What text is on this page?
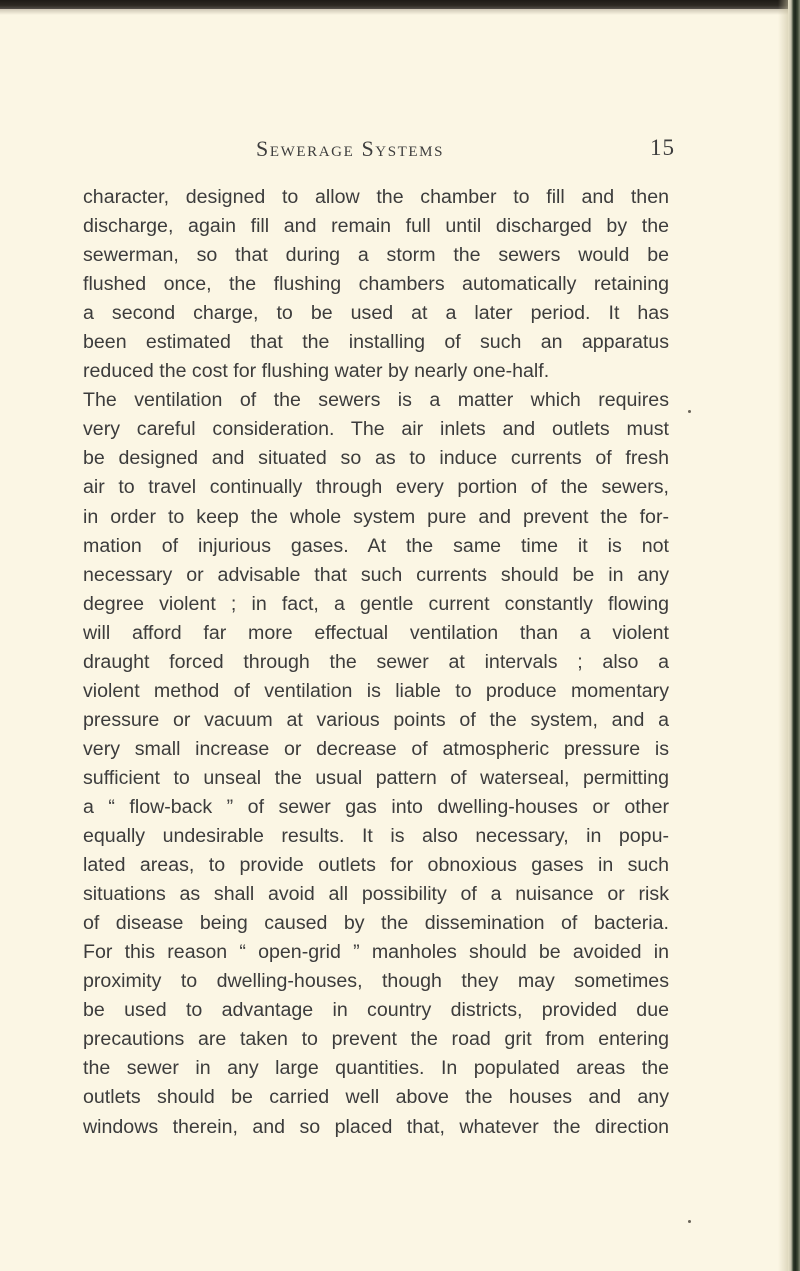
Sewerage Systems	15
character, designed to allow the chamber to fill and then
discharge, again fill and remain full until discharged by the
sewerman, so that during a storm the sewers would be
flushed once, the flushing chambers automatically retaining
a second charge, to be used at a later period. It has
been estimated that the installing of such an apparatus
reduced the cost for flushing water by nearly one-half.
The ventilation of the sewers is a matter which requires
very careful consideration. The air inlets and outlets must
be designed and situated so as to induce currents of fresh
air to travel continually through every portion of the sewers,
in order to keep the whole system pure and prevent the for-
mation of injurious gases. At the same time it is not
necessary or advisable that such currents should be in any
degree violent ; in fact, a gentle current constantly flowing
will afford far more effectual ventilation than a violent
draught forced through the sewer at intervals ; also a
violent method of ventilation is liable to produce momentary
pressure or vacuum at various points of the system, and a
very small increase or decrease of atmospheric pressure is
sufficient to unseal the usual pattern of waterseal, permitting
a “ flow-back ” of sewer gas into dwelling-houses or other
equally undesirable results. It is also necessary, in popu-
lated areas, to provide outlets for obnoxious gases in such
situations as shall avoid all possibility of a nuisance or risk
of disease being caused by the dissemination of bacteria.
For this reason “ open-grid ” manholes should be avoided in
proximity to dwelling-houses, though they may sometimes
be used to advantage in country districts, provided due
precautions are taken to prevent the road grit from entering
the sewer in any large quantities. In populated areas the
outlets should be carried well above the houses and any
windows therein, and so placed that, whatever the direction
